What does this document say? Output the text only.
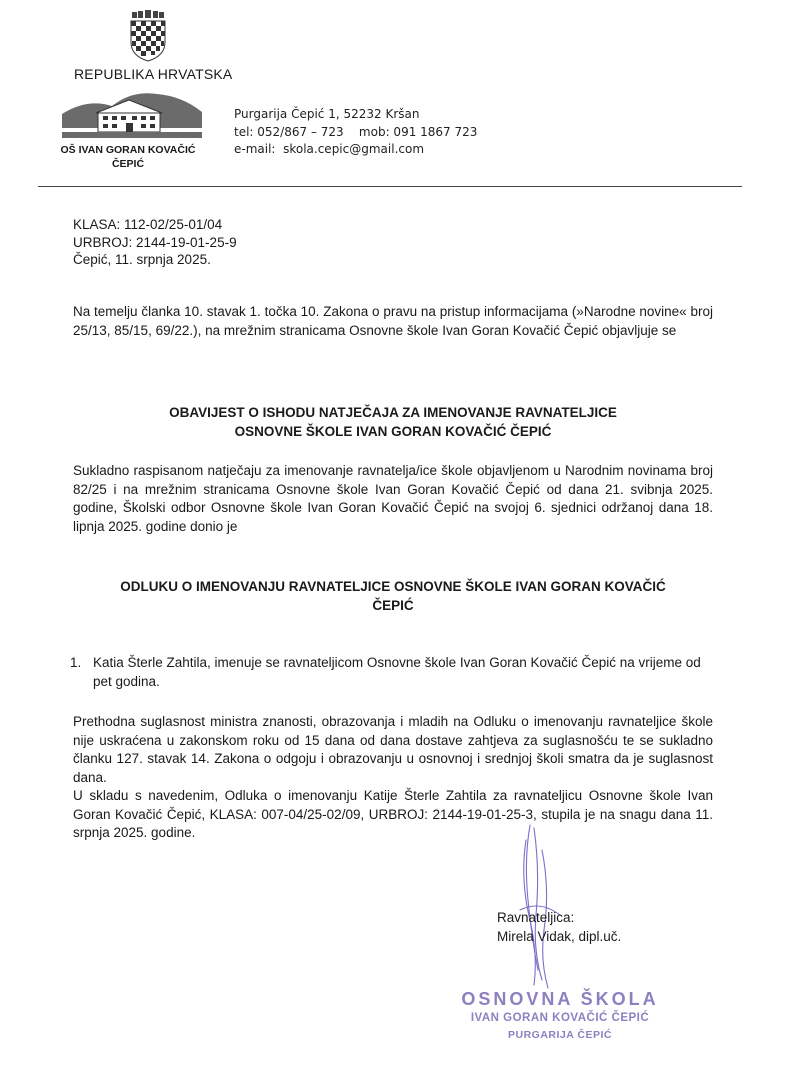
REPUBLIKA HRVATSKA
OŠ IVAN GORAN KOVAČIĆ
ČEPIĆ
Purgarija Čepić 1, 52232 Kršan
tel: 052/867 – 723    mob: 091 1867 723
e-mail:  skola.cepic@gmail.com
KLASA: 112-02/25-01/04
URBROJ: 2144-19-01-25-9
Čepić, 11. srpnja 2025.
Na temelju članka 10. stavak 1. točka 10. Zakona o pravu na pristup informacijama (»Narodne novine« broj 25/13, 85/15, 69/22.), na mrežnim stranicama Osnovne škole Ivan Goran Kovačić Čepić objavljuje se
OBAVIJEST O ISHODU NATJEČAJA ZA IMENOVANJE RAVNATELJICE
OSNOVNE ŠKOLE IVAN GORAN KOVAČIĆ ČEPIĆ
Sukladno raspisanom natječaju za imenovanje ravnatelja/ice škole objavljenom u Narodnim novinama broj 82/25 i na mrežnim stranicama Osnovne škole Ivan Goran Kovačić Čepić od dana 21. svibnja 2025. godine, Školski odbor Osnovne škole Ivan Goran Kovačić Čepić na svojoj 6. sjednici održanoj dana 18. lipnja 2025. godine donio je
ODLUKU O IMENOVANJU RAVNATELJICE OSNOVNE ŠKOLE IVAN GORAN KOVAČIĆ
ČEPIĆ
1. Katia Šterle Zahtila, imenuje se ravnateljicom Osnovne škole Ivan Goran Kovačić Čepić na vrijeme od pet godina.
Prethodna suglasnost ministra znanosti, obrazovanja i mladih na Odluku o imenovanju ravnateljice škole nije uskraćena u zakonskom roku od 15 dana od dana dostave zahtjeva za suglasnošću te se sukladno članku 127. stavak 14. Zakona o odgoju i obrazovanju u osnovnoj i srednjoj školi smatra da je suglasnost dana.
U skladu s navedenim, Odluka o imenovanju Katije Šterle Zahtila za ravnateljicu Osnovne škole Ivan Goran Kovačić Čepić, KLASA: 007-04/25-02/09, URBROJ: 2144-19-01-25-3, stupila je na snagu dana 11. srpnja 2025. godine.
Ravnateljica:
Mirela Vidak, dipl.uč.
OSNOVNA ŠKOLA
IVAN GORAN KOVAČIĆ ČEPIĆ
PURGARIJA ČEPIĆ
